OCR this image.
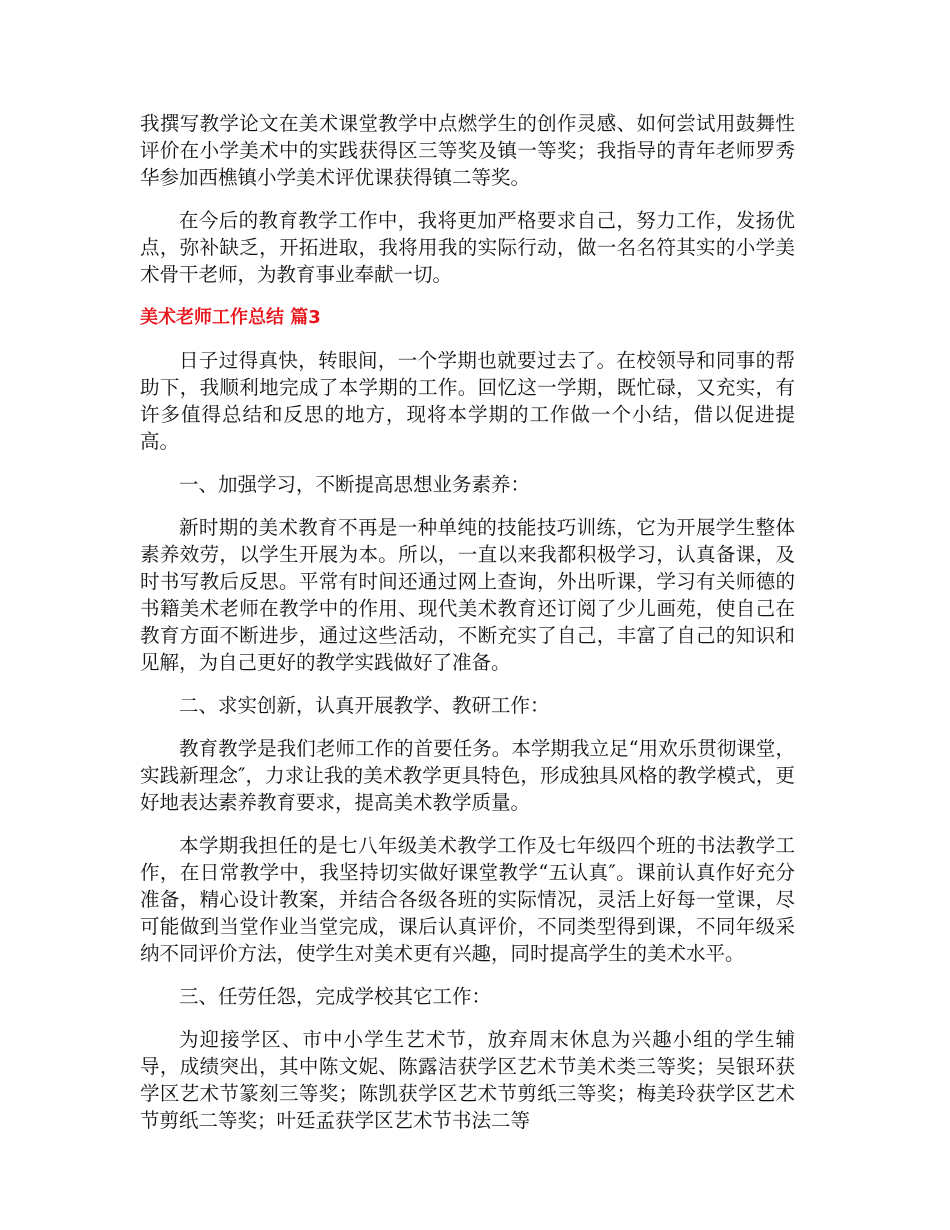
我撰写教学论文在美术课堂教学中点燃学生的创作灵感、如何尝试用鼓舞性评价在小学美术中的实践获得区三等奖及镇一等奖；我指导的青年老师罗秀华参加西樵镇小学美术评优课获得镇二等奖。

在今后的教育教学工作中，我将更加严格要求自己，努力工作，发扬优点，弥补缺乏，开拓进取，我将用我的实际行动，做一名名符其实的小学美术骨干老师，为教育事业奉献一切。

美术老师工作总结 篇3

日子过得真快，转眼间，一个学期也就要过去了。在校领导和同事的帮助下，我顺利地完成了本学期的工作。回忆这一学期，既忙碌，又充实，有许多值得总结和反思的地方，现将本学期的工作做一个小结，借以促进提高。

一、加强学习，不断提高思想业务素养：

新时期的美术教育不再是一种单纯的技能技巧训练，它为开展学生整体素养效劳，以学生开展为本。所以，一直以来我都积极学习，认真备课，及时书写教后反思。平常有时间还通过网上查询，外出听课，学习有关师德的书籍美术老师在教学中的作用、现代美术教育还订阅了少儿画苑，使自己在教育方面不断进步，通过这些活动，不断充实了自己，丰富了自己的知识和见解，为自己更好的教学实践做好了准备。

二、求实创新，认真开展教学、教研工作：

教育教学是我们老师工作的首要任务。本学期我立足“用欢乐贯彻课堂，实践新理念″，力求让我的美术教学更具特色，形成独具风格的教学模式，更好地表达素养教育要求，提高美术教学质量。

本学期我担任的是七八年级美术教学工作及七年级四个班的书法教学工作，在日常教学中，我坚持切实做好课堂教学“五认真″。课前认真作好充分准备，精心设计教案，并结合各级各班的实际情况，灵活上好每一堂课，尽可能做到当堂作业当堂完成，课后认真评价，不同类型得到课，不同年级采纳不同评价方法，使学生对美术更有兴趣，同时提高学生的美术水平。

三、任劳任怨，完成学校其它工作：

为迎接学区、市中小学生艺术节，放弃周末休息为兴趣小组的学生辅导，成绩突出，其中陈文妮、陈露洁获学区艺术节美术类三等奖；吴银环获学区艺术节篆刻三等奖；陈凯获学区艺术节剪纸三等奖；梅美玲获学区艺术节剪纸二等奖；叶廷孟获学区艺术节书法二等
